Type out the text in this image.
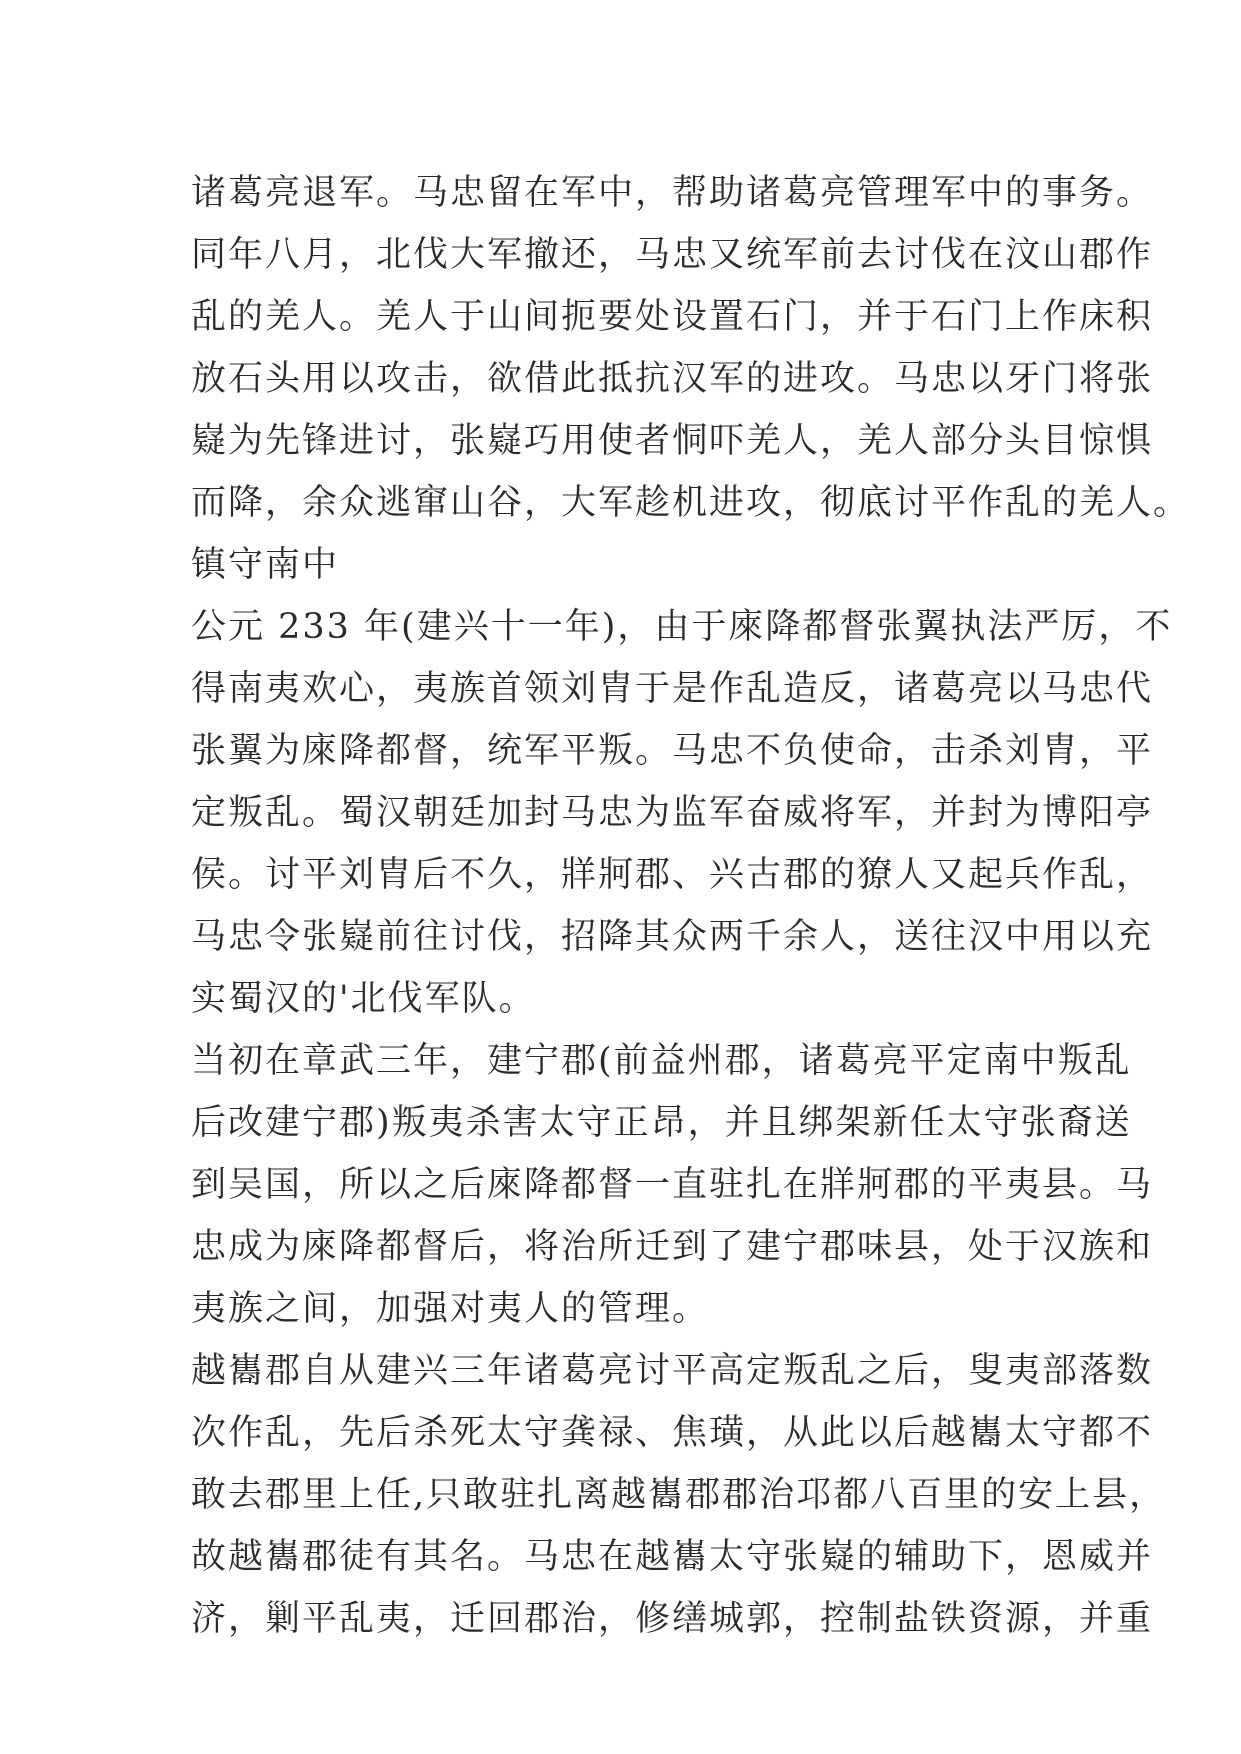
诸葛亮退军。马忠留在军中，帮助诸葛亮管理军中的事务。
同年八月，北伐大军撤还，马忠又统军前去讨伐在汶山郡作
乱的羌人。羌人于山间扼要处设置石门，并于石门上作床积
放石头用以攻击，欲借此抵抗汉军的进攻。马忠以牙门将张
嶷为先锋进讨，张嶷巧用使者恫吓羌人，羌人部分头目惊惧
而降，余众逃窜山谷，大军趁机进攻，彻底讨平作乱的羌人。
镇守南中
公元 233 年(建兴十一年)，由于庲降都督张翼执法严厉，不
得南夷欢心，夷族首领刘胄于是作乱造反，诸葛亮以马忠代
张翼为庲降都督，统军平叛。马忠不负使命，击杀刘胄，平
定叛乱。蜀汉朝廷加封马忠为监军奋威将军，并封为博阳亭
侯。讨平刘胄后不久，牂牁郡、兴古郡的獠人又起兵作乱，
马忠令张嶷前往讨伐，招降其众两千余人，送往汉中用以充
实蜀汉的'北伐军队。
当初在章武三年，建宁郡(前益州郡，诸葛亮平定南中叛乱
后改建宁郡)叛夷杀害太守正昂，并且绑架新任太守张裔送
到吴国，所以之后庲降都督一直驻扎在牂牁郡的平夷县。马
忠成为庲降都督后，将治所迁到了建宁郡味县，处于汉族和
夷族之间，加强对夷人的管理。
越巂郡自从建兴三年诸葛亮讨平高定叛乱之后，叟夷部落数
次作乱，先后杀死太守龚禄、焦璜，从此以后越巂太守都不
敢去郡里上任,只敢驻扎离越巂郡郡治邛都八百里的安上县，
故越巂郡徒有其名。马忠在越巂太守张嶷的辅助下，恩威并
济，剿平乱夷，迁回郡治，修缮城郭，控制盐铁资源，并重
